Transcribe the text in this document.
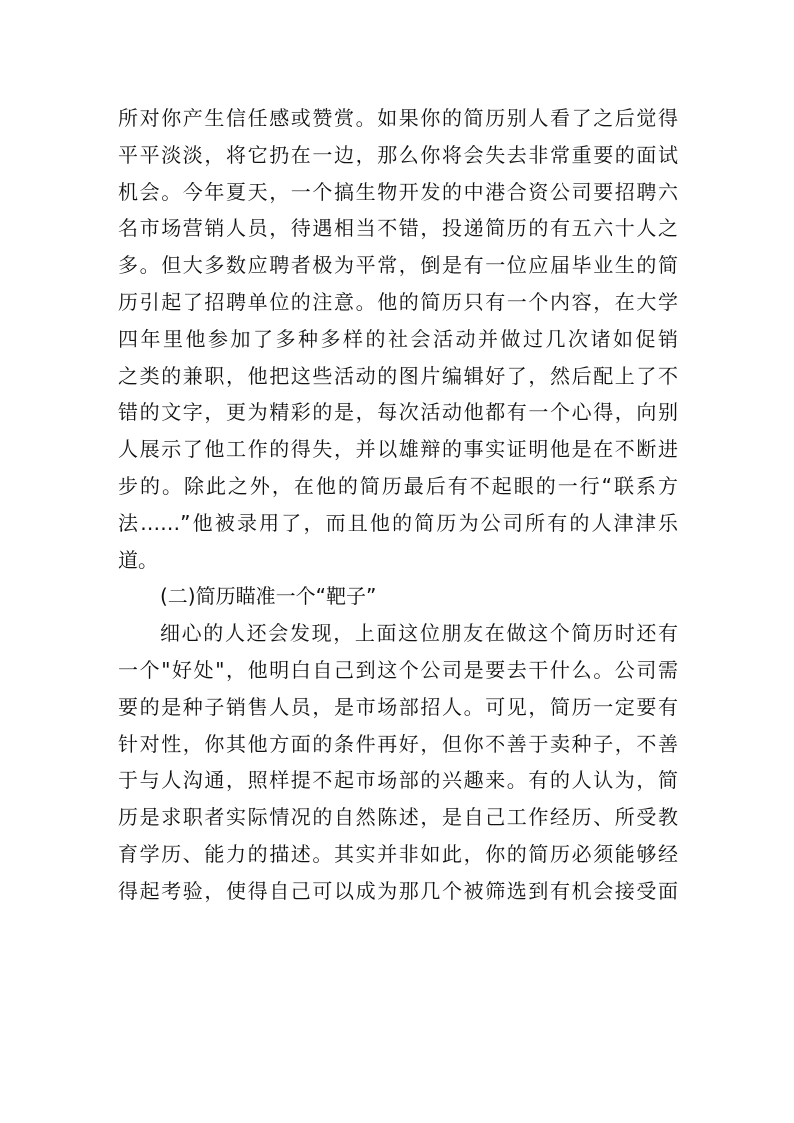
所对你产生信任感或赞赏。如果你的简历别人看了之后觉得
平平淡淡，将它扔在一边，那么你将会失去非常重要的面试
机会。今年夏天，一个搞生物开发的中港合资公司要招聘六
名市场营销人员，待遇相当不错，投递简历的有五六十人之
多。但大多数应聘者极为平常，倒是有一位应届毕业生的简
历引起了招聘单位的注意。他的简历只有一个内容，在大学
四年里他参加了多种多样的社会活动并做过几次诸如促销
之类的兼职，他把这些活动的图片编辑好了，然后配上了不
错的文字，更为精彩的是，每次活动他都有一个心得，向别
人展示了他工作的得失，并以雄辩的事实证明他是在不断进
步的。除此之外，在他的简历最后有不起眼的一行“联系方
法……”他被录用了，而且他的简历为公司所有的人津津乐
道。
(二)简历瞄准一个“靶子”
细心的人还会发现，上面这位朋友在做这个简历时还有
一个"好处"，他明白自己到这个公司是要去干什么。公司需
要的是种子销售人员，是市场部招人。可见，简历一定要有
针对性，你其他方面的条件再好，但你不善于卖种子，不善
于与人沟通，照样提不起市场部的兴趣来。有的人认为，简
历是求职者实际情况的自然陈述，是自己工作经历、所受教
育学历、能力的描述。其实并非如此，你的简历必须能够经
得起考验，使得自己可以成为那几个被筛选到有机会接受面
